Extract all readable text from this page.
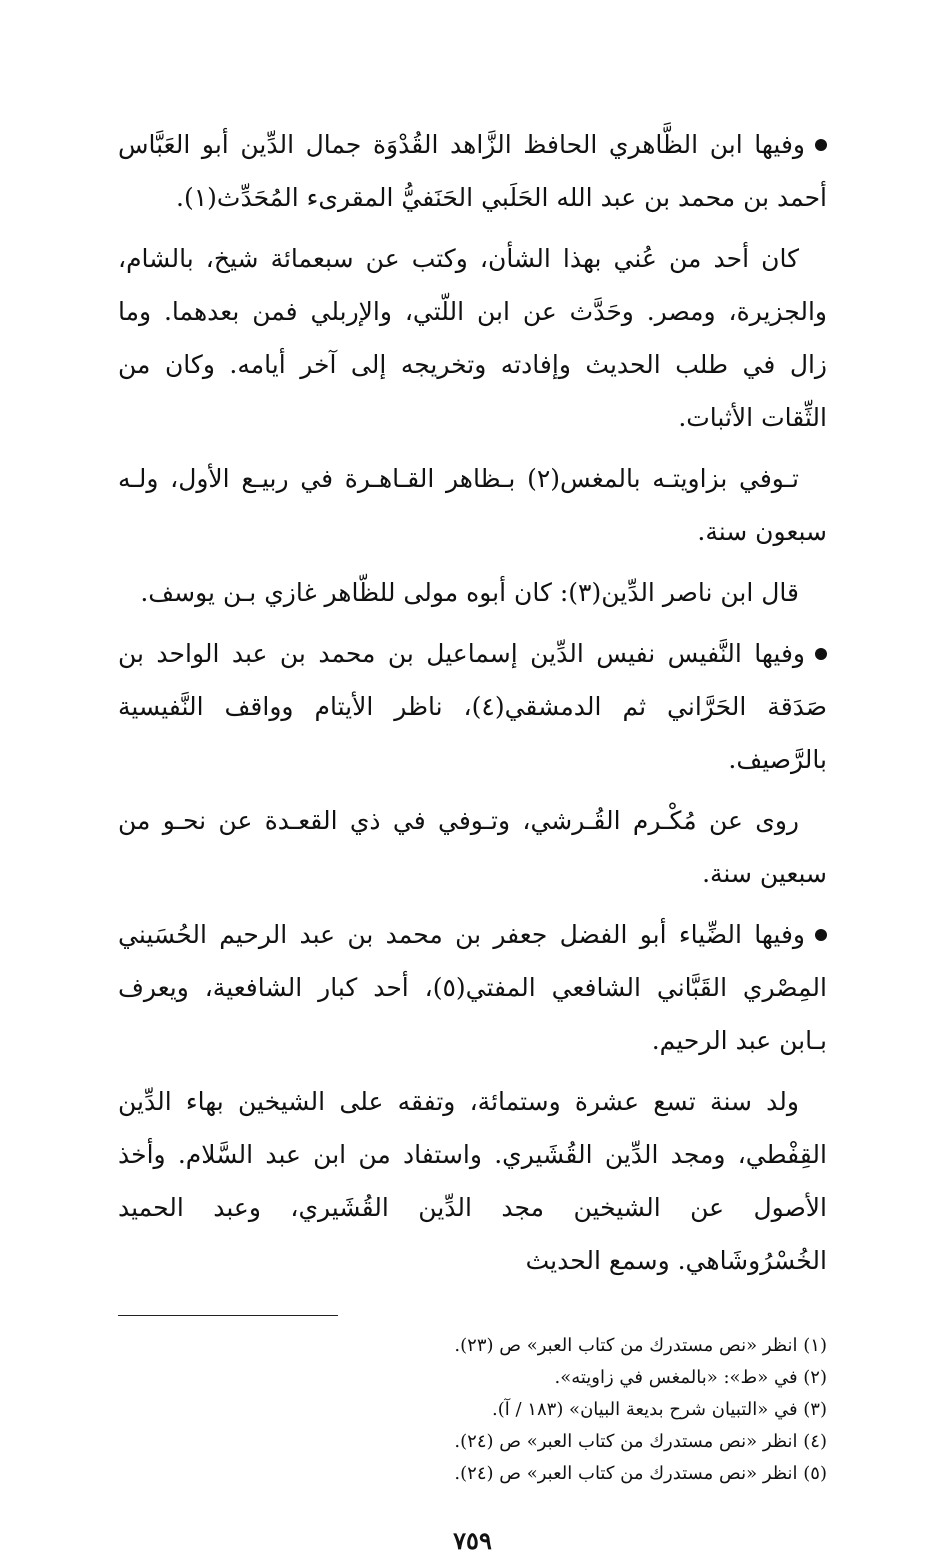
وفيها ابن الظَّاهري الحافظ الزَّاهد القُدْوَة جمال الدِّين أبو العَبَّاس أحمد بن محمد بن عبد الله الحَلَبي الحَنَفيُّ المقرىء المُحَدِّث(١).

كان أحد من عُني بهذا الشأن، وكتب عن سبعمائة شيخ، بالشام، والجزيرة، ومصر. وحَدَّث عن ابن اللّتي، والإربلي فمن بعدهما. وما زال في طلب الحديث وإفادته وتخريجه إلى آخر أيامه. وكان من الثِّقات الأثبات.

تـوفي بزاويتـه بالمغس(٢) بـظاهر القـاهـرة في ربيـع الأول، ولـه سبعون سنة.

قال ابن ناصر الدِّين(٣): كان أبوه مولى للظّاهر غازي بـن يوسف.

وفيها النَّفيس نفيس الدِّين إسماعيل بن محمد بن عبد الواحد بن صَدَقة الحَرَّاني ثم الدمشقي(٤)، ناظر الأيتام وواقف النَّفيسية بالرَّصيف.

روى عن مُكْـرم القُـرشي، وتـوفي في ذي القعـدة عن نحـو من سبعين سنة.

وفيها الضِّياء أبو الفضل جعفر بن محمد بن عبد الرحيم الحُسَيني المِصْري القَبَّاني الشافعي المفتي(٥)، أحد كبار الشافعية، ويعرف بـابن عبد الرحيم.

ولد سنة تسع عشرة وستمائة، وتفقه على الشيخين بهاء الدِّين القِفْطي، ومجد الدِّين القُشَيري. واستفاد من ابن عبد السَّلام. وأخذ الأصول عن الشيخين مجد الدِّين القُشَيري، وعبد الحميد الخُسْرُوشَاهي. وسمع الحديث

(١) انظر «نص مستدرك من كتاب العبر» ص (٢٣).

(٢) في «ط»: «بالمغس في زاويته».

(٣) في «التبيان شرح بديعة البيان» (١٨٣ / آ).

(٤) انظر «نص مستدرك من كتاب العبر» ص (٢٤).

(٥) انظر «نص مستدرك من كتاب العبر» ص (٢٤).

٧٥٩
